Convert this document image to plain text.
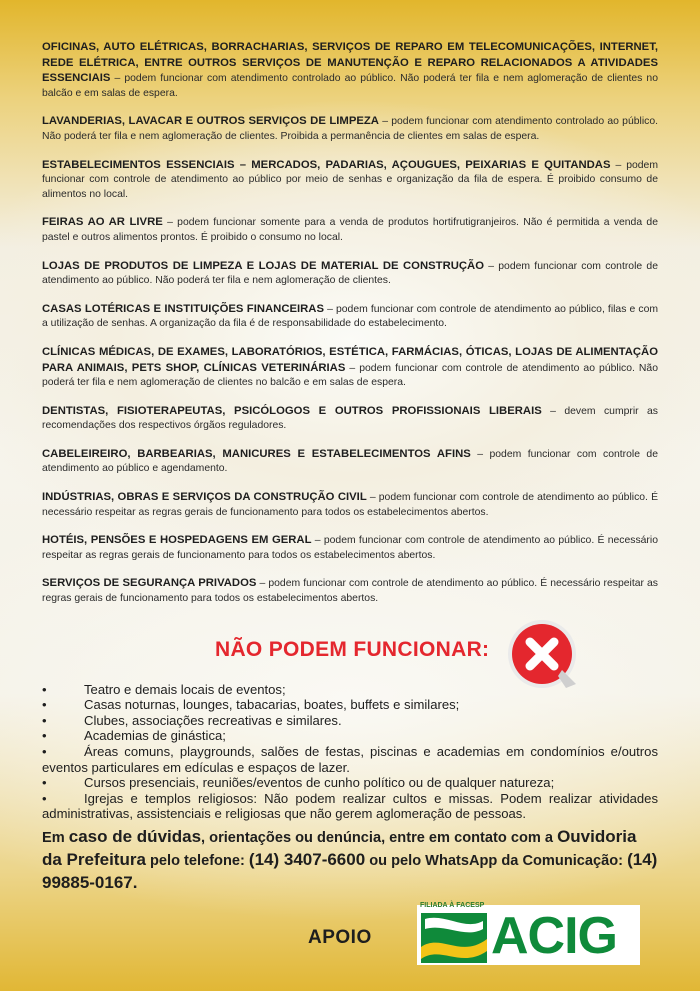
OFICINAS, AUTO ELÉTRICAS, BORRACHARIAS, SERVIÇOS DE REPARO EM TELECOMUNICAÇÕES, INTERNET, REDE ELÉTRICA, ENTRE OUTROS SERVIÇOS DE MANUTENÇÃO E REPARO RELACIONADOS A ATIVIDADES ESSENCIAIS – podem funcionar com atendimento controlado ao público. Não poderá ter fila e nem aglomeração de clientes no balcão e em salas de espera.

LAVANDERIAS, LAVACAR E OUTROS SERVIÇOS DE LIMPEZA – podem funcionar com atendimento controlado ao público. Não poderá ter fila e nem aglomeração de clientes. Proibida a permanência de clientes em salas de espera.

ESTABELECIMENTOS ESSENCIAIS – MERCADOS, PADARIAS, AÇOUGUES, PEIXARIAS E QUITANDAS – podem funcionar com controle de atendimento ao público por meio de senhas e organização da fila de espera. É proibido consumo de alimentos no local.

FEIRAS AO AR LIVRE – podem funcionar somente para a venda de produtos hortifrutigranjeiros. Não é permitida a venda de pastel e outros alimentos prontos. É proibido o consumo no local.

LOJAS DE PRODUTOS DE LIMPEZA E LOJAS DE MATERIAL DE CONSTRUÇÃO – podem funcionar com controle de atendimento ao público. Não poderá ter fila e nem aglomeração de clientes.

CASAS LOTÉRICAS E INSTITUIÇÕES FINANCEIRAS – podem funcionar com controle de atendimento ao público, filas e com a utilização de senhas. A organização da fila é de responsabilidade do estabelecimento.

CLÍNICAS MÉDICAS, DE EXAMES, LABORATÓRIOS, ESTÉTICA, FARMÁCIAS, ÓTICAS, LOJAS DE ALIMENTAÇÃO PARA ANIMAIS, PETS SHOP, CLÍNICAS VETERINÁRIAS – podem funcionar com controle de atendimento ao público. Não poderá ter fila e nem aglomeração de clientes no balcão e em salas de espera.

DENTISTAS, FISIOTERAPEUTAS, PSICÓLOGOS E OUTROS PROFISSIONAIS LIBERAIS – devem cumprir as recomendações dos respectivos órgãos reguladores.

CABELEIREIRO, BARBEARIAS, MANICURES E ESTABELECIMENTOS AFINS – podem funcionar com controle de atendimento ao público e agendamento.

INDÚSTRIAS, OBRAS E SERVIÇOS DA CONSTRUÇÃO CIVIL – podem funcionar com controle de atendimento ao público. É necessário respeitar as regras gerais de funcionamento para todos os estabelecimentos abertos.

HOTÉIS, PENSÕES E HOSPEDAGENS EM GERAL – podem funcionar com controle de atendimento ao público. É necessário respeitar as regras gerais de funcionamento para todos os estabelecimentos abertos.

SERVIÇOS DE SEGURANÇA PRIVADOS – podem funcionar com controle de atendimento ao público. É necessário respeitar as regras gerais de funcionamento para todos os estabelecimentos abertos.

NÃO PODEM FUNCIONAR:
•	Teatro e demais locais de eventos;
•	Casas noturnas, lounges, tabacarias, boates, buffets e similares;
•	Clubes, associações recreativas e similares.
•	Academias de ginástica;
•	Áreas comuns, playgrounds, salões de festas, piscinas e academias em condomínios e/outros eventos particulares em edículas e espaços de lazer.
•	Cursos presenciais, reuniões/eventos de cunho político ou de qualquer natureza;
•	Igrejas e templos religiosos: Não podem realizar cultos e missas. Podem realizar atividades administrativas, assistenciais e religiosas que não gerem aglomeração de pessoas.
Em caso de dúvidas, orientações ou denúncia, entre em contato com a Ouvidoria da Prefeitura pelo telefone: (14) 3407-6600 ou pelo WhatsApp da Comunicação: (14) 99885-0167.
APOIO
FILIADA À FACESP
ACIG
